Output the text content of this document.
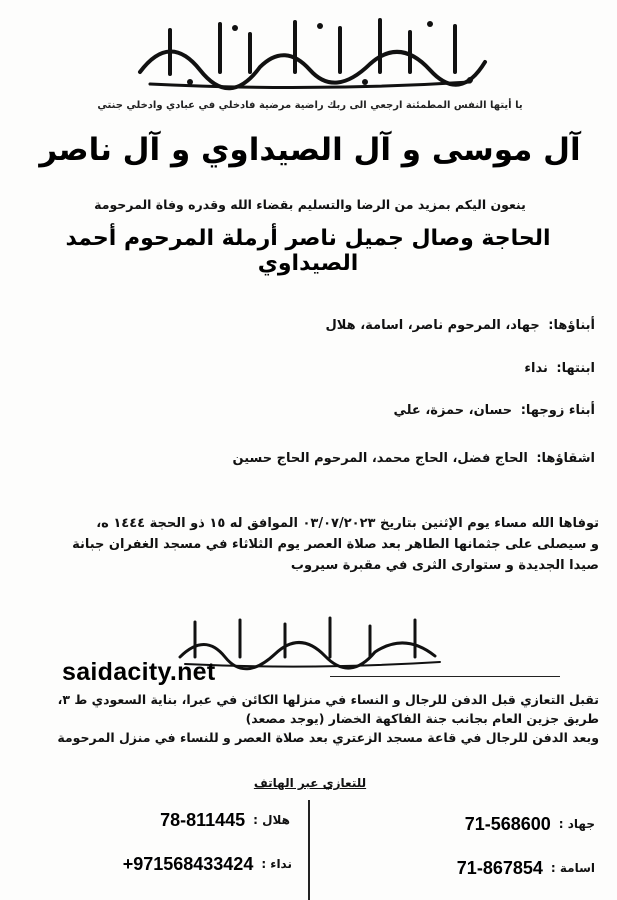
سبحان الحي الذي لا يموت
يا أيتها النفس المطمئنة ارجعي الى ربك راضية مرضية فادخلي في عبادي وادخلي جنتي
آل موسى و آل الصيداوي و آل ناصر
ينعون اليكم بمزيد من الرضا والتسليم بقضاء الله وقدره وفاة المرحومة
الحاجة وصال جميل ناصر أرملة المرحوم أحمد الصيداوي
أبناؤها: جهاد، المرحوم ناصر، اسامة، هلال
ابنتها: نداء
أبناء زوجها: حسان، حمزة، علي
اشقاؤها: الحاج فضل، الحاج محمد، المرحوم الحاج حسين
توفاها الله مساء يوم الإثنين بتاريخ ٠٣/٠٧/٢٠٢٣ الموافق له ١٥ ذو الحجة ١٤٤٤ ه،
و سيصلى على جثمانها الطاهر بعد صلاة العصر يوم الثلاثاء في مسجد الغفران جبانة
صيدا الجديدة و ستوارى الثرى في مقبرة سيروب
انا لله وانا اليه راجعون
saidacity.net
تقبل التعازي قبل الدفن للرجال و النساء في منزلها الكائن في عبرا، بناية السعودي ط ٣،
طريق جزين العام بجانب جنة الفاكهة الخضار (يوجد مصعد)
وبعد الدفن للرجال في قاعة مسجد الزعتري بعد صلاة العصر و للنساء في منزل المرحومة
للتعازي عبر الهاتف
جهاد :
71-568600
هلال :
78-811445
اسامة :
71-867854
نداء :
+971568433424
